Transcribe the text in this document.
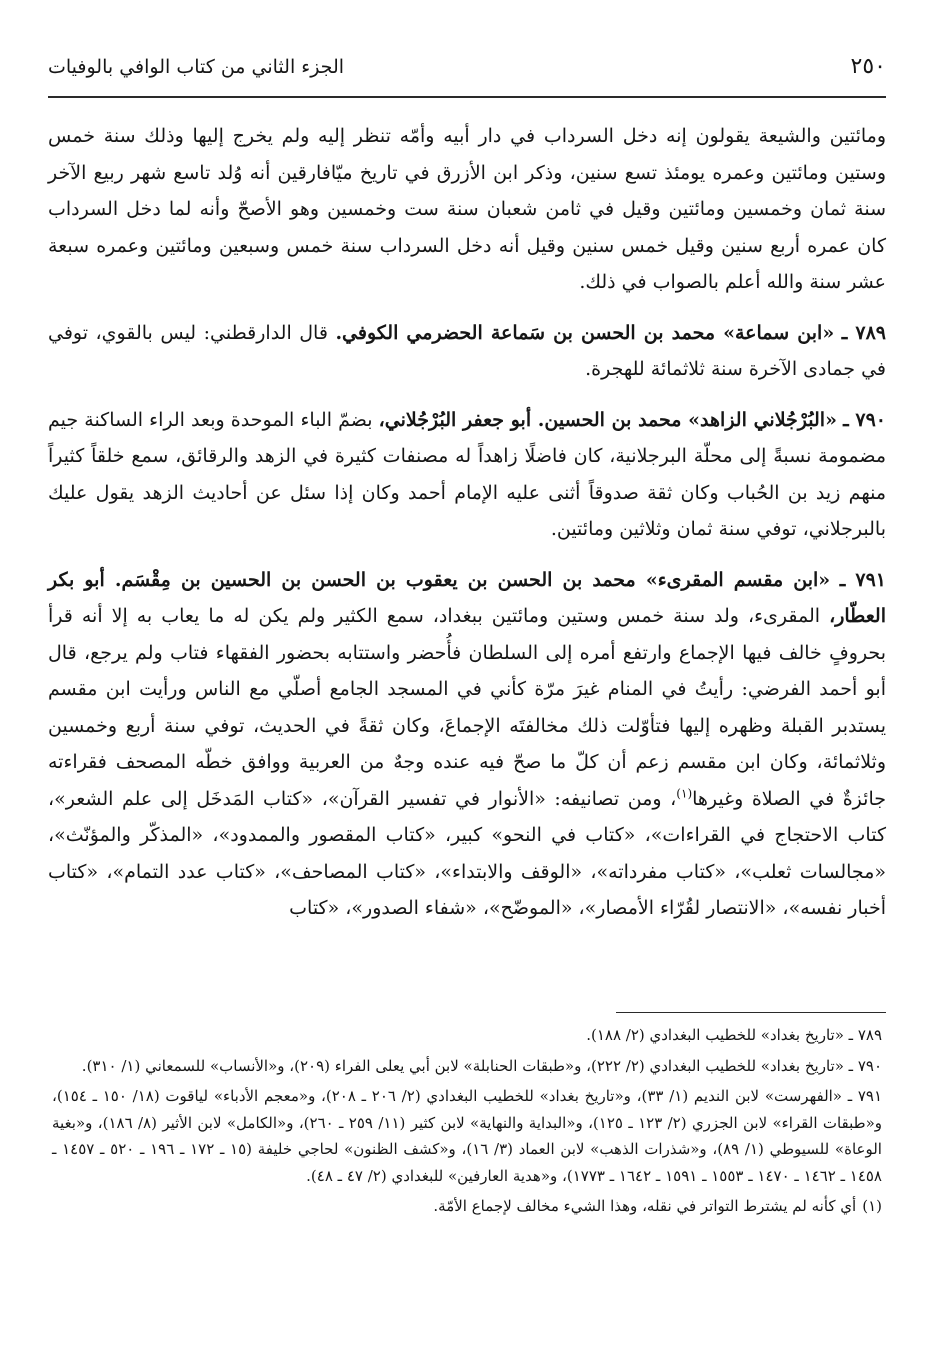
٢٥٠
الجزء الثاني من كتاب الوافي بالوفيات

ومائتين والشيعة يقولون إنه دخل السرداب في دار أبيه وأمّه تنظر إليه ولم يخرج إليها وذلك سنة خمس وستين ومائتين وعمره يومئذ تسع سنين، وذكر ابن الأزرق في تاريخ ميّافارقين أنه وُلد تاسع شهر ربيع الآخر سنة ثمان وخمسين ومائتين وقيل في ثامن شعبان سنة ست وخمسين وهو الأصحّ وأنه لما دخل السرداب كان عمره أربع سنين وقيل خمس سنين وقيل أنه دخل السرداب سنة خمس وسبعين ومائتين وعمره سبعة عشر سنة والله أعلم بالصواب في ذلك.

٧٨٩ ـ «ابن سماعة» محمد بن الحسن بن سَماعة الحضرمي الكوفي. قال الدارقطني: ليس بالقوي، توفي في جمادى الآخرة سنة ثلاثمائة للهجرة.

٧٩٠ ـ «البُرْجُلاني الزاهد» محمد بن الحسين. أبو جعفر البُرْجُلاني، بضمّ الباء الموحدة وبعد الراء الساكنة جيم مضمومة نسبةً إلى محلّة البرجلانية، كان فاضلًا زاهداً له مصنفات كثيرة في الزهد والرقائق، سمع خلقاً كثيراً منهم زيد بن الحُباب وكان ثقة صدوقاً أثنى عليه الإمام أحمد وكان إذا سئل عن أحاديث الزهد يقول عليك بالبرجلاني، توفي سنة ثمان وثلاثين ومائتين.

٧٩١ ـ «ابن مقسم المقرىء» محمد بن الحسن بن يعقوب بن الحسن بن الحسين بن مِقْسَم. أبو بكر العطّار، المقرىء، ولد سنة خمس وستين ومائتين ببغداد، سمع الكثير ولم يكن له ما يعاب به إلا أنه قرأ بحروفٍ خالف فيها الإجماع وارتفع أمره إلى السلطان فأُحضر واستتابه بحضور الفقهاء فتاب ولم يرجع، قال أبو أحمد الفرضي: رأيتُ في المنام غيرَ مرّة كأني في المسجد الجامع أصلّي مع الناس ورأيت ابن مقسم يستدبر القبلة وظهره إليها فتأوّلت ذلك مخالفتَه الإجماعَ، وكان ثقةً في الحديث، توفي سنة أربع وخمسين وثلاثمائة، وكان ابن مقسم زعم أن كلّ ما صحّ فيه عنده وجهٌ من العربية ووافق خطّه المصحف فقراءته جائزةٌ في الصلاة وغيرها$^{(١)}$، ومن تصانيفه: «الأنوار في تفسير القرآن»، «كتاب المَدخَل إلى علم الشعر»، كتاب الاحتجاج في القراءات»، «كتاب في النحو» كبير، «كتاب المقصور والممدود»، «المذكّر والمؤنّث»، «مجالسات ثعلب»، «كتاب مفرداته»، «الوقف والابتداء»، «كتاب المصاحف»، «كتاب عدد التمام»، «كتاب أخبار نفسه»، «الانتصار لقُرّاء الأمصار»، «الموضّح»، «شفاء الصدور»، «كتاب

٧٨٩ ـ «تاريخ بغداد» للخطيب البغدادي (٢/ ١٨٨).

٧٩٠ ـ «تاريخ بغداد» للخطيب البغدادي (٢/ ٢٢٢)، و«طبقات الحنابلة» لابن أبي يعلى الفراء (٢٠٩)، و«الأنساب» للسمعاني (١/ ٣١٠).

٧٩١ ـ «الفهرست» لابن النديم (١/ ٣٣)، و«تاريخ بغداد» للخطيب البغدادي (٢/ ٢٠٦ ـ ٢٠٨)، و«معجم الأدباء» لياقوت (١٨/ ١٥٠ ـ ١٥٤)، و«طبقات القراء» لابن الجزري (٢/ ١٢٣ ـ ١٢٥)، و«البداية والنهاية» لابن كثير (١١/ ٢٥٩ ـ ٢٦٠)، و«الكامل» لابن الأثير (٨/ ١٨٦)، و«بغية الوعاة» للسيوطي (١/ ٨٩)، و«شذرات الذهب» لابن العماد (٣/ ١٦)، و«كشف الظنون» لحاجي خليفة (١٥ ـ ١٧٢ ـ ١٩٦ ـ ٥٢٠ ـ ١٤٥٧ ـ ١٤٥٨ ـ ١٤٦٢ ـ ١٤٧٠ ـ ١٥٥٣ ـ ١٥٩١ ـ ١٦٤٢ ـ ١٧٧٣)، و«هدية العارفين» للبغدادي (٢/ ٤٧ ـ ٤٨).

(١)أي كأنه لم يشترط التواتر في نقله، وهذا الشيء مخالف لإجماع الأمّة.
